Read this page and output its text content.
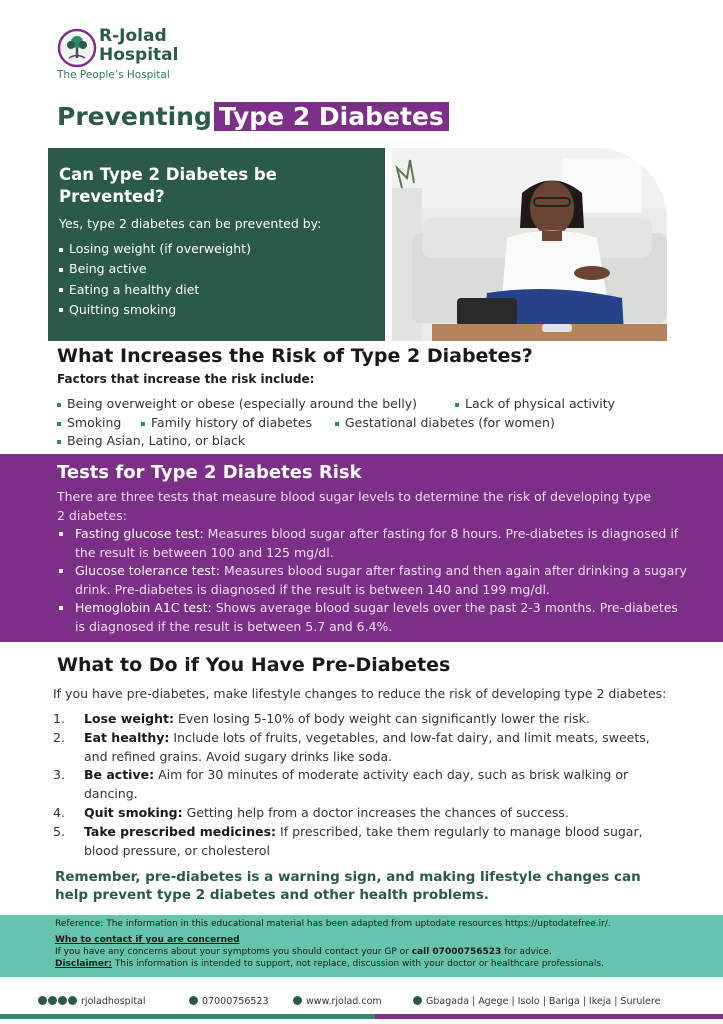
R-Jolad
Hospital
The People’s Hospital
Preventing Type 2 Diabetes
Can Type 2 Diabetes be Prevented?
Yes, type 2 diabetes can be prevented by:
Losing weight (if overweight)
Being active
Eating a healthy diet
Quitting smoking
What Increases the Risk of Type 2 Diabetes?
Factors that increase the risk include:
Being overweight or obese (especially around the belly)	Lack of physical activity
Smoking	Family history of diabetes	Gestational diabetes (for women)
Being Asian, Latino, or black
Tests for Type 2 Diabetes Risk
There are three tests that measure blood sugar levels to determine the risk of developing type 2 diabetes:
Fasting glucose test: Measures blood sugar after fasting for 8 hours. Pre-diabetes is diagnosed if the result is between 100 and 125 mg/dl.
Glucose tolerance test: Measures blood sugar after fasting and then again after drinking a sugary drink. Pre-diabetes is diagnosed if the result is between 140 and 199 mg/dl.
Hemoglobin A1C test: Shows average blood sugar levels over the past 2-3 months. Pre-diabetes is diagnosed if the result is between 5.7 and 6.4%.
What to Do if You Have Pre-Diabetes
If you have pre-diabetes, make lifestyle changes to reduce the risk of developing type 2 diabetes:
1.	Lose weight: Even losing 5-10% of body weight can significantly lower the risk.
2.	Eat healthy: Include lots of fruits, vegetables, and low-fat dairy, and limit meats, sweets, and refined grains. Avoid sugary drinks like soda.
3.	Be active: Aim for 30 minutes of moderate activity each day, such as brisk walking or dancing.
4.	Quit smoking: Getting help from a doctor increases the chances of success.
5.	Take prescribed medicines: If prescribed, take them regularly to manage blood sugar, blood pressure, or cholesterol
Remember, pre-diabetes is a warning sign, and making lifestyle changes can help prevent type 2 diabetes and other health problems.
Reference: The information in this educational material has been adapted from uptodate resources https://uptodatefree.ir/.
Who to contact if you are concerned
If you have any concerns about your symptoms you should contact your GP or call 07000756523 for advice.
Disclaimer: This information is intended to support, not replace, discussion with your doctor or healthcare professionals.
rjoladhospital	07000756523	www.rjolad.com	Gbagada | Agege | Isolo | Bariga | Ikeja | Surulere
